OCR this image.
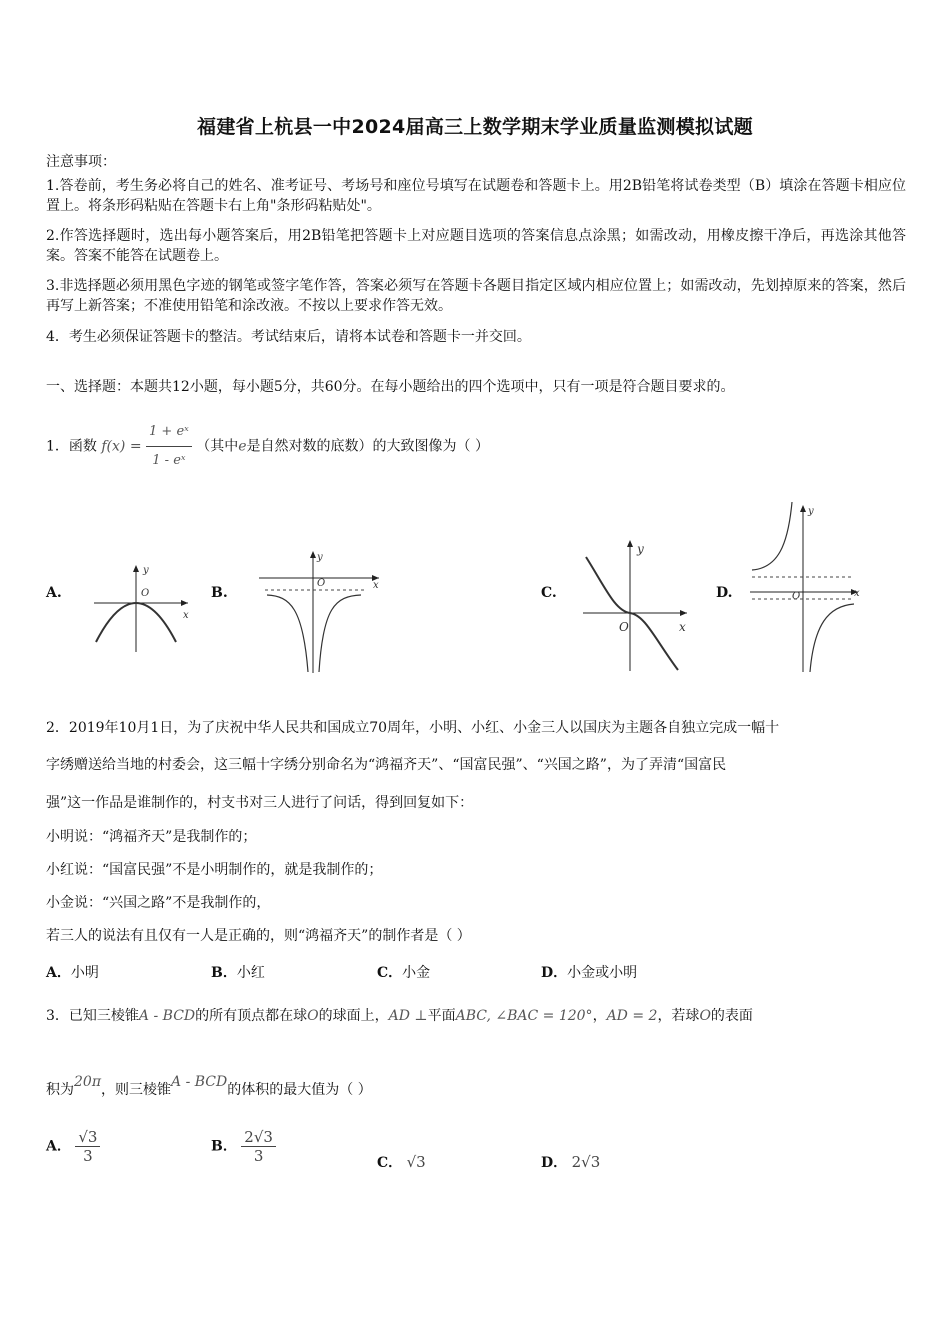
福建省上杭县一中2024届高三上数学期末学业质量监测模拟试题
注意事项：
1.答卷前，考生务必将自己的姓名、准考证号、考场号和座位号填写在试题卷和答题卡上。用2B铅笔将试卷类型（B）填涂在答题卡相应位置上。将条形码粘贴在答题卡右上角"条形码粘贴处"。
2.作答选择题时，选出每小题答案后，用2B铅笔把答题卡上对应题目选项的答案信息点涂黑；如需改动，用橡皮擦干净后，再选涂其他答案。答案不能答在试题卷上。
3.非选择题必须用黑色字迹的钢笔或签字笔作答，答案必须写在答题卡各题目指定区域内相应位置上；如需改动，先划掉原来的答案，然后再写上新答案；不准使用铅笔和涂改液。不按以上要求作答无效。
4．考生必须保证答题卡的整洁。考试结束后，请将本试卷和答题卡一并交回。
一、选择题：本题共12小题，每小题5分，共60分。在每小题给出的四个选项中，只有一项是符合题目要求的。
1．函数 $f(x) = \frac{\text{1 + eˣ}}{\text{1 - eˣ}}$ （其中e是自然对数的底数）的大致图像为（ ）
A.	B.	C.	D.
O
y
x
O
y
x
O
y
x
O
y
x
2．2019年10月1日，为了庆祝中华人民共和国成立70周年，小明、小红、小金三人以国庆为主题各自独立完成一幅十
字绣赠送给当地的村委会，这三幅十字绣分别命名为“鸿福齐天”、“国富民强”、“兴国之路”，为了弄清“国富民
强”这一作品是谁制作的，村支书对三人进行了问话，得到回复如下：
小明说：“鸿福齐天”是我制作的；
小红说：“国富民强”不是小明制作的，就是我制作的；
小金说：“兴国之路”不是我制作的，
若三人的说法有且仅有一人是正确的，则“鸿福齐天”的制作者是（ ）
A．小明	B．小红	C．小金	D．小金或小明
3．已知三棱锥A - BCD的所有顶点都在球O的球面上，AD ⊥平面ABC, ∠BAC = 120°，AD = 2，若球O的表面
积为20π，则三棱锥A - BCD的体积的最大值为（ ）
A． $\frac{√3}{3}$	B． $\frac{2√3}{3}$	C． √3	D． 2√3
